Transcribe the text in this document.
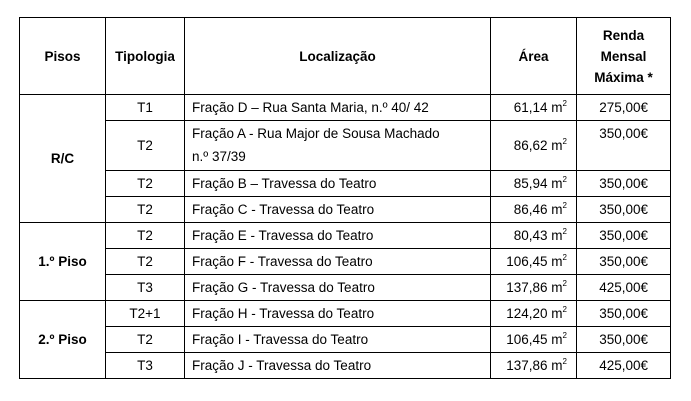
Pisos	Tipologia	Localização	Área	Renda
Mensal
Máxima *

R/C	T1	Fração D – Rua Santa Maria, n.º 40/ 42	61,14 $m^2$	275,00€
	T2	Fração A - Rua Major de Sousa Machado
n.º 37/39	86,62 $m^2$	350,00€
	T2	Fração B – Travessa do Teatro	85,94 $m^2$	350,00€
	T2	Fração C - Travessa do Teatro	86,46 $m^2$	350,00€
1.º Piso	T2	Fração E - Travessa do Teatro	80,43 $m^2$	350,00€
	T2	Fração F - Travessa do Teatro	106,45 $m^2$	350,00€
	T3	Fração G - Travessa do Teatro	137,86 $m^2$	425,00€
2.º Piso	T2+1	Fração H - Travessa do Teatro	124,20 $m^2$	350,00€
	T2	Fração I - Travessa do Teatro	106,45 $m^2$	350,00€
	T3	Fração J - Travessa do Teatro	137,86 $m^2$	425,00€
